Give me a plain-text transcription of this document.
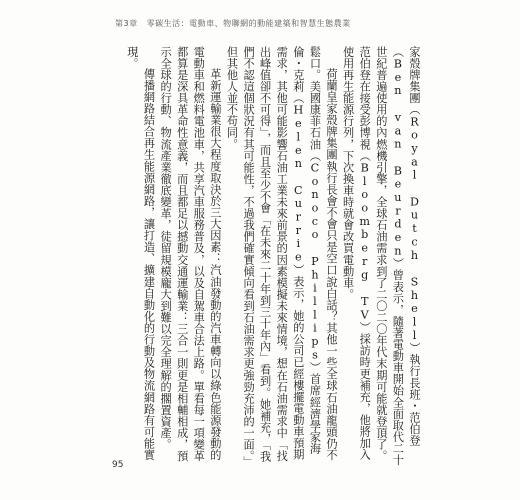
第3章 零碳生活：電動車、物聯網的動能建築和智慧生態農業

家殼牌集團（Royal Dutch Shell）執行長班・范伯登（Ben van Beurden）曾表示，隨著電動車開始全面取代二十世紀普遍使用的內燃機引擎，全球石油需求到了二〇二〇年代末期可能就登頂了。范伯登在接受彭博視（Bloomberg TV）採訪時更補充，他將加入使用再生能源行列，下次換車時就會改買電動車。

荷蘭皇家殼牌集團執行長會不會只是空口說白話？其他一些全球石油龍頭仍不鬆口。美國康菲石油（Conoco Phillips）首席經濟學家海倫・克莉（Helen Currie）表示，她的公司已經樓擺電動車預期需求，其他可能影響石油工業未來前景的因素模擬未來情境，想在石油需求中「找出峰值卻不可得」，而且至少不會「在未來二十年到三十年內」看到。她補充，「我們不認這個狀況有其可能性，不過我們確實傾向看到石油需求更強勁充沛的一面。」但其他人並不苟同。

革新運輸業很大程度取決於三大因素：汽油發動的汽車轉向以綠色能源發動的電動車和燃料電池車，共享汽車服務普及，以及自駕車合法上路。單看每一項變革都算是深具革命性意義，而且都足以撼動交通運輸業：三合一則更是相輔相成，預示全球的行動、物流產業徹底變革，徒留規模龐大到難以完全理解的擱置資產。

傳播網路結合再生能源網路，讓打造、擴建自動化的行動及物流網路有可能實現。

95
